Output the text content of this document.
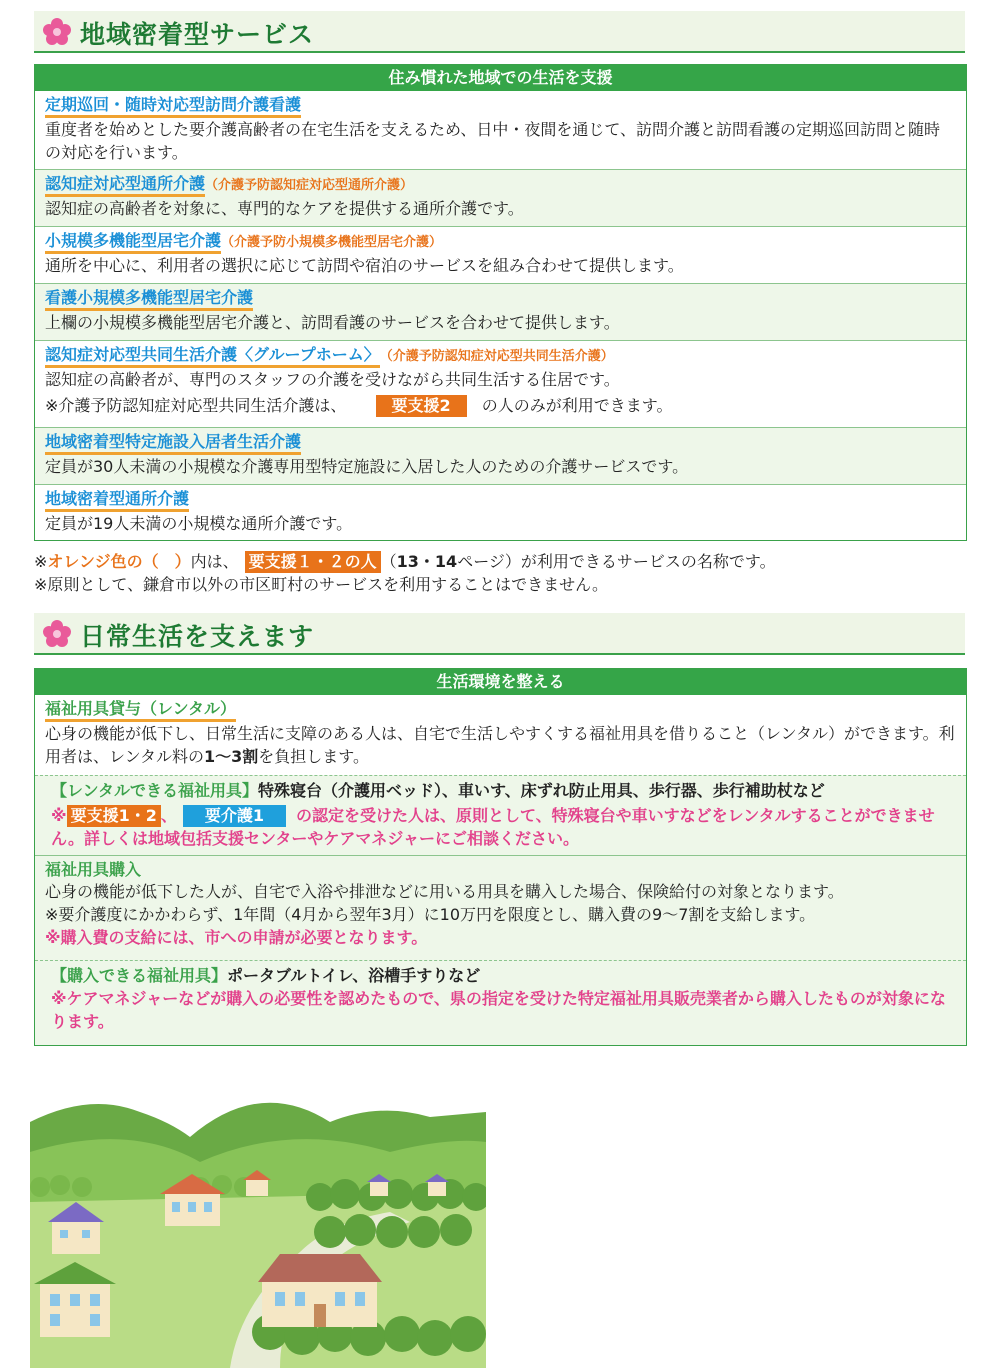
地域密着型サービス
住み慣れた地域での生活を支援
定期巡回・随時対応型訪問介護看護
重度者を始めとした要介護高齢者の在宅生活を支えるため、日中・夜間を通じて、訪問介護と訪問看護の定期巡回訪問と随時の対応を行います。
認知症対応型通所介護（介護予防認知症対応型通所介護）
認知症の高齢者を対象に、専門的なケアを提供する通所介護です。
小規模多機能型居宅介護（介護予防小規模多機能型居宅介護）
通所を中心に、利用者の選択に応じて訪問や宿泊のサービスを組み合わせて提供します。
看護小規模多機能型居宅介護
上欄の小規模多機能型居宅介護と、訪問看護のサービスを合わせて提供します。
認知症対応型共同生活介護〈グループホーム〉（介護予防認知症対応型共同生活介護）
認知症の高齢者が、専門のスタッフの介護を受けながら共同生活する住居です。
※介護予防認知症対応型共同生活介護は、	要支援2 の人のみが利用できます。
地域密着型特定施設入居者生活介護
定員が30人未満の小規模な介護専用型特定施設に入居した人のための介護サービスです。
地域密着型通所介護
定員が19人未満の小規模な通所介護です。
※オレンジ色の（　）内は、 要支援１・２の人 （13・14ページ）が利用できるサービスの名称です。
※原則として、鎌倉市以外の市区町村のサービスを利用することはできません。
日常生活を支えます
生活環境を整える
福祉用具貸与（レンタル）
心身の機能が低下し、日常生活に支障のある人は、自宅で生活しやすくする福祉用具を借りること（レンタル）ができます。利用者は、レンタル料の1〜3割を負担します。
【レンタルできる福祉用具】特殊寝台（介護用ベッド）、車いす、床ずれ防止用具、歩行器、歩行補助杖など
※ 要支援1・2 、 要介護1 の認定を受けた人は、原則として、特殊寝台や車いすなどをレンタルすることができません。詳しくは地域包括支援センターやケアマネジャーにご相談ください。
福祉用具購入
心身の機能が低下した人が、自宅で入浴や排泄などに用いる用具を購入した場合、保険給付の対象となります。
※要介護度にかかわらず、1年間（4月から翌年3月）に10万円を限度とし、購入費の9〜7割を支給します。
※購入費の支給には、市への申請が必要となります。
【購入できる福祉用具】ポータブルトイレ、浴槽手すりなど
※ケアマネジャーなどが購入の必要性を認めたもので、県の指定を受けた特定福祉用具販売業者から購入したものが対象になります。
